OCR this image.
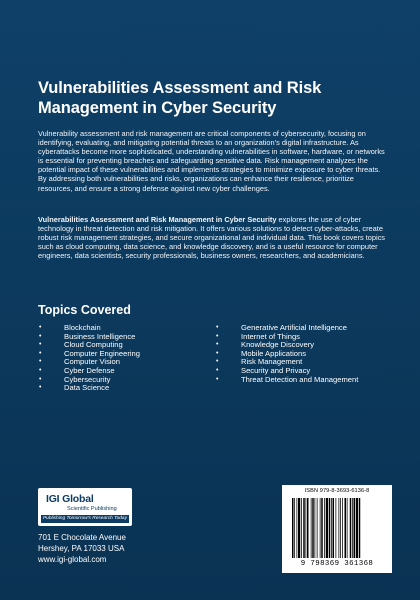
Vulnerabilities Assessment and Risk
Management in Cyber Security
Vulnerability assessment and risk management are critical components of cybersecurity, focusing on identifying, evaluating, and mitigating potential threats to an organization's digital infrastructure. As cyberattacks become more sophisticated, understanding vulnerabilities in software, hardware, or networks is essential for preventing breaches and safeguarding sensitive data. Risk management analyzes the potential impact of these vulnerabilities and implements strategies to minimize exposure to cyber threats. By addressing both vulnerabilities and risks, organizations can enhance their resilience, prioritize resources, and ensure a strong defense against new cyber challenges.
Vulnerabilities Assessment and Risk Management in Cyber Security explores the use of cyber technology in threat detection and risk mitigation. It offers various solutions to detect cyber-attacks, create robust risk management strategies, and secure organizational and individual data. This book covers topics such as cloud computing, data science, and knowledge discovery, and is a useful resource for computer engineers, data scientists, security professionals, business owners, researchers, and academicians.
Topics Covered
•	Blockchain
•	Business Intelligence
•	Cloud Computing
•	Computer Engineering
•	Computer Vision
•	Cyber Defense
•	Cybersecurity
•	Data Science
•	Generative Artificial Intelligence
•	Internet of Things
•	Knowledge Discovery
•	Mobile Applications
•	Risk Management
•	Security and Privacy
•	Threat Detection and Management
IGI Global
Scientific Publishing
Publishing Tomorrow's Research Today
701 E Chocolate Avenue
Hershey, PA 17033 USA
www.igi-global.com
ISBN 979-8-3693-6136-8
9 798369 361368
